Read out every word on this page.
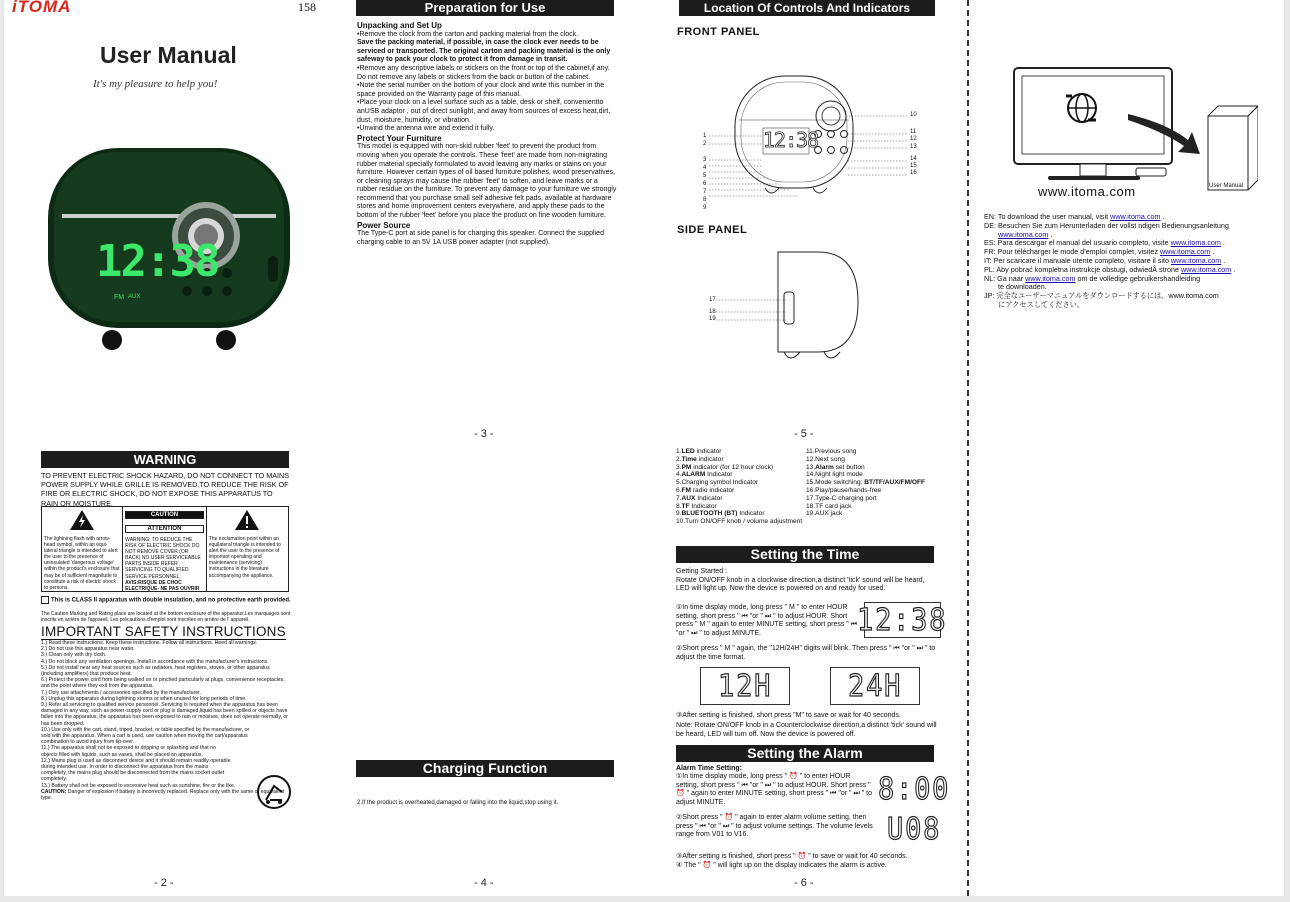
iTOMA	158
User Manual
It's my pleasure to help you!
12:38
FM AUX
Preparation for Use
Unpacking and Set Up
•Remove the clock from the carton and packing material from the clock.
Save the packing material, if possible, in case the clock ever needs to be serviced or transported. The original carton and packing material is the only safeway to pack your clock to protect it from damage in transit.
•Remove any descriptive labels or stickers on the front or top of the cabinet,if any.
Do not remove any labels or stickers from the back or button of the cabinet.
•Note the serial number on the bottom of your clock and write this number in the space provided on the Warranty page of this manual.
•Place your clock on a level surface such as a table, desk or shelf, convenientto anUSB adaptor , out of direct sunlight, and away from sources of excess heat,dirt, dust, moisture, humidity, or vibration.
•Unwind the antenna wire and extend it fully.
Protect Your Furniture
This model is equipped with non-skid rubber 'feet' to prevent the product from moving when you operate the controls. These 'feet' are made from non-migrating rubber material specially formulated to avoid leaving any marks or stains on your furniture. However certain types of oil based furniture polishes, wood preservatives, or cleaning sprays may cause the rubber 'feet' to soften, and leave marks or a rubber residue on the furniture. To prevent any damage to your furniture we strongly recommend that you purchase small self adhesive felt pads, available at hardware stores and home improvement centers everywhere, and apply these pads to the bottom of the rubber 'feet' before you place the product on fine wooden furniture.
Power Source
The Type-C port at side panel is for charging this speaker. Connect the supplied charging cable to an 5V 1A USB power adapter (not supplied).
- 3 -
Location Of Controls And Indicators
FRONT PANEL
12:38
1
2
3
4
5
6
7
8
9
10
11
12
13
14
15
16
SIDE PANEL
17
18
19
- 5 -
User Manual
www.itoma.com
EN: To download the user manual, visit www.itoma.com .
DE: Besuchen Sie zum Herunterladen der vollst ndigen Bedienungsanleitung
www.itoma.com .
ES: Para descargar el manual del usuario completo, visite www.itoma.com .
FR: Pour télécharger le mode d'emploi complet, visitez www.itoma.com .
IT: Per scaricare il manuale utente completo, visitare il sito www.itoma.com .
PL: Aby pobrać kompletna instrukcje obstugi, odwiedÂ strone www.itoma.com .
NL: Ga naar www.itoma.com om de volledige gebruikershandleiding
te downloaden.
JP: 完全なユーザーマニュアルをダウンロードするには、www.itoma.com
にアクセスしてください。
WARNING
TO PREVENT ELECTRIC SHOCK HAZARD, DO NOT CONNECT TO MAINS POWER SUPPLY WHILE GRILLE IS REMOVED.TO REDUCE THE RISK OF FIRE OR ELECTRIC SHOCK, DO NOT EXPOSE THIS APPARATUS TO RAIN OR MOISTURE.
The lightning flash with arrow-head symbol, within an equi-lateral triangle is intended to alert the user to the presence of uninsulated 'dangerous voltage' within the product's enclosure that may be of sufficient magnitude to constitute a risk of electric shock to persons.
CAUTION
ATTENTION
WARNING: TO REDUCE THE RISK OF ELECTRIC SHOCK DO NOT REMOVE COVER (OR BACK) NO USER SERVICEABLE PARTS INSIDE REFER SERVICING TO QUALIFIED SERVICE PERSONNEL.
AVIS:RISQUE DE CHOC ELECTRIQUE- NE PAS OUVRIR
The exclamation point within an equilateral triangle is intended to alert the user to the presence of important operating and maintenance (servicing) instructions in the literature accompanying the appliance.
This is CLASS II apparatus with double insulation, and no protective earth provided.
The Caution Marking and Rating place are located at the bottom enclosure of the apparatus.Les marquages sont inscrits en arrière de l'appareil. Les précautions d'emploi sont inscrites en arrière de l' appareil.
IMPORTANT SAFETY INSTRUCTIONS
1.) Read these instructions. Keep these instructions. Follow all instructions. Heed all warnings.
2.) Do not use this apparatus near water.
3.) Clean only with dry cloth.
4.) Do not block any ventilation openings. Install in accordance with the manufacturer's instructions.
5.) Do not install near any heat sources such as radiators, heat registers, stoves, or other apparatus (including amplifiers) that produce heat.
6.) Protect the power cord from being walked on or pinched particularly at plugs, convenience receptacles, and the point where they exit from the apparatus.
7.) Only use attachments / accessories specified by the manufacturer.
8.) Unplug this apparatus during lightning storms or when unused for long periods of time.
9.) Refer all servicing to qualified service personnel. Servicing is required when the apparatus has been damaged in any way, such as power-supply cord or plug is damaged,liquid has been spilled or objects have fallen into the apparatus, the apparatus has been exposed to rain or moisture, does not operate normally, or has been dropped.
10.) Use only with the cart, stand, tripod, bracket, or table specified by the manufacturer, or sold with the apparatus. When a cart is used, use caution when moving the cart/apparatus combination to avoid injury from tip-over.
11.) The apparatus shall not be exposed to dripping or splashing and that no objects filled with liquids, such as vases, shall be placed on apparatus.
12.) Mains plug is used as disconnect device and it should remain readily operable during intended use. In order to disconnect the apparatus from the mains completely, the mains plug should be disconnected from the mains socket outlet completely.
13.) Battery shall not be exposed to excessive heat such as sunshine, fire or the like.
CAUTION: Danger of explosion if battery is incorrectly replaced. Replace only with the same or equivalent type.
- 2 -
Charging Function
2.If the product is overheated,damaged or falling into the liquid,stop using it.
- 4 -
1.LED indicator
2.Time indicator
3.PM indicator (for 12 hour clock)
4.ALARM Indicator
5.Charging symbol Indicator
6.FM radio indicator
7.AUX Indicator
8.TF Indicator
9.BLUETOOTH (BT) Indicator
10.Turn ON/OFF knob / volume adjustment
11.Previous song
12.Next song
13.Alarm set button
14.Night light mode
15.Mode switching: BT/TF/AUX/FM/OFF
16.Play/pause/hands-free
17.Type-C charging port
18.TF card jack
19.AUX jack
Setting the Time
Getting Started :
Rotate ON/OFF knob in a clockwise direction,a distinct 'tick' sound will be heard, LED will light up. Now the device is powered on and ready for used.
①In time display mode, long press " M " to enter HOUR setting, short press " ⏮ "or " ⏭ " to adjust HOUR. Short press " M " again to enter MINUTE setting, short press " ⏮ "or " ⏭ " to adjust MINUTE.	12:38
②Short press " M " again, the "12H/24H" digits will blink. Then press " ⏮ "or " ⏭ " to adjust the time format.
12H	24H
③After setting is finished, short press "M" to save or wait for 40 seconds.
Note: Rotate ON/OFF knob in a Counterclockwise direction,a distinct 'tick' sound will be heard, LED will turn off. Now the device is powered off.
Setting the Alarm
Alarm Time Setting:
①In time display mode, long press " ⏰ " to enter HOUR setting, short press " ⏮ "or " ⏭ " to adjust HOUR. Short press " ⏰ " again to enter MINUTE setting, short press " ⏮ "or " ⏭ " to adjust MINUTE.	8:00
②Short press " ⏰ " again to enter alarm volume setting, then press " ⏮ "or " ⏭ " to adjust volume settings. The volume levels range from V01 to V16.	U08
③After setting is finished, short press " ⏰ " to save or wait for 40 seconds.
④ The " ⏰ " will light up on the display indicates the alarm is active.
- 6 -
